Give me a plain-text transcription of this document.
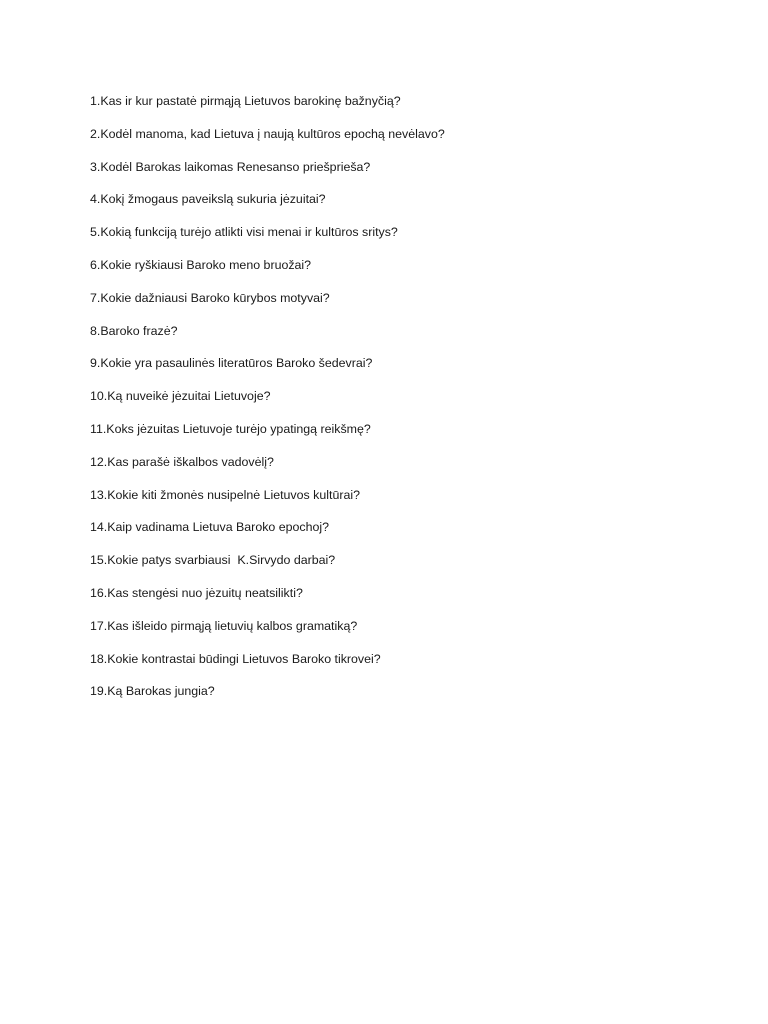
1.Kas ir kur pastatė pirmąją Lietuvos barokinę bažnyčią?
2.Kodėl manoma, kad Lietuva į naują kultūros epochą nevėlavo?
3.Kodėl Barokas laikomas Renesanso priešprieša?
4.Kokį žmogaus paveikslą sukuria jėzuitai?
5.Kokią funkciją turėjo atlikti visi menai ir kultūros sritys?
6.Kokie ryškiausi Baroko meno bruožai?
7.Kokie dažniausi Baroko kūrybos motyvai?
8.Baroko frazė?
9.Kokie yra pasaulinės literatūros Baroko šedevrai?
10.Ką nuveikė jėzuitai Lietuvoje?
11.Koks jėzuitas Lietuvoje turėjo ypatingą reikšmę?
12.Kas parašė iškalbos vadovėlį?
13.Kokie kiti žmonės nusipelnė Lietuvos kultūrai?
14.Kaip vadinama Lietuva Baroko epochoj?
15.Kokie patys svarbiausi  K.Sirvydo darbai?
16.Kas stengėsi nuo jėzuitų neatsilikti?
17.Kas išleido pirmąją lietuvių kalbos gramatiką?
18.Kokie kontrastai būdingi Lietuvos Baroko tikrovei?
19.Ką Barokas jungia?
